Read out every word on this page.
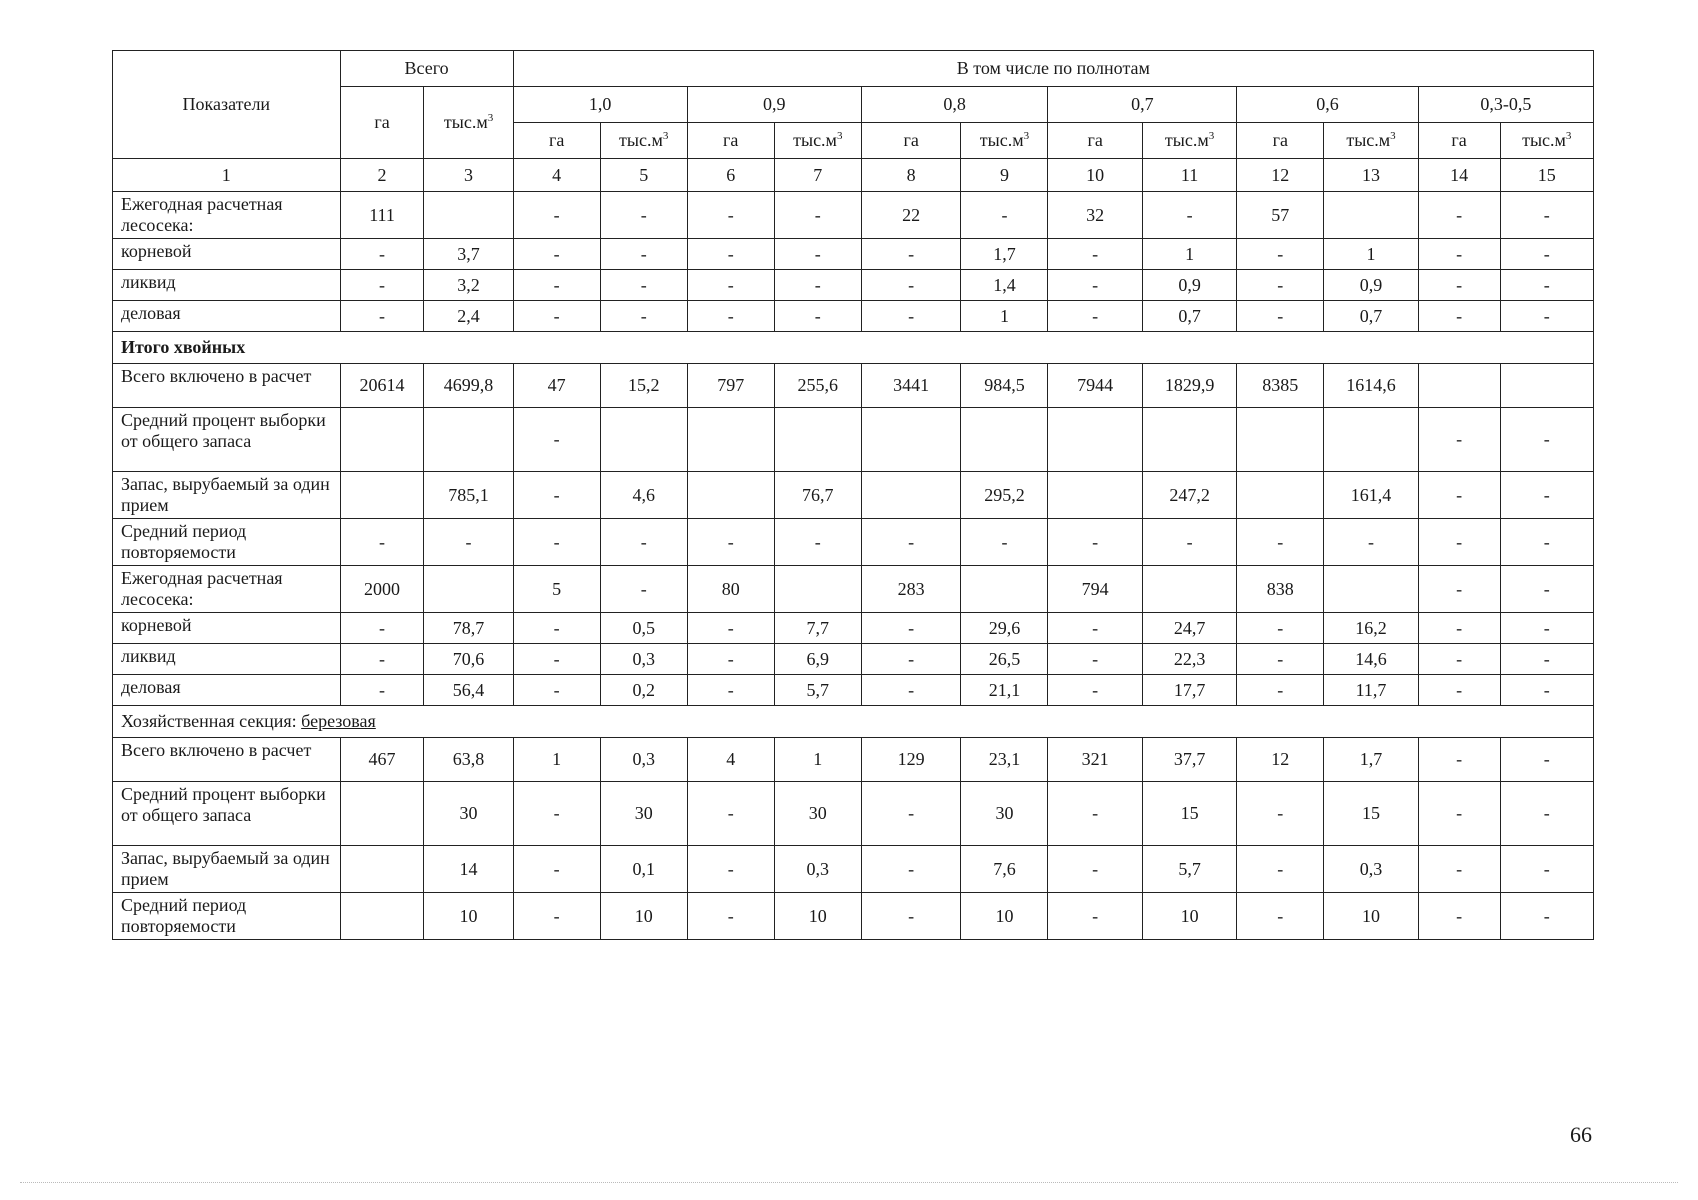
Показатели	Всего		В том числе по полнотам											
	га	$тыс.м^3$	1,0		0,9		0,8		0,7		0,6		0,3-0,5	
			га	$тыс.м^3$	га	$тыс.м^3$	га	$тыс.м^3$	га	$тыс.м^3$	га	$тыс.м^3$	га	$тыс.м^3$
1	2	3	4	5	6	7	8	9	10	11	12	13	14	15
Ежегодная расчетная лесосека:	111		-	-	-	-	22	-	32	-	57		-	-
корневой	-	3,7	-	-	-	-	-	1,7	-	1	-	1	-	-
ликвид	-	3,2	-	-	-	-	-	1,4	-	0,9	-	0,9	-	-
деловая	-	2,4	-	-	-	-	-	1	-	0,7	-	0,7	-	-
Итого хвойных														
Всего включено в расчет	20614	4699,8	47	15,2	797	255,6	3441	984,5	7944	1829,9	8385	1614,6		
Средний процент выборки от общего запаса			-										-	-
Запас, вырубаемый за один прием		785,1	-	4,6		76,7		295,2		247,2		161,4	-	-
Средний период повторяемости	-	-	-	-	-	-	-	-	-	-	-	-	-	-
Ежегодная расчетная лесосека:	2000		5	-	80		283		794		838		-	-
корневой	-	78,7	-	0,5	-	7,7	-	29,6	-	24,7	-	16,2	-	-
ликвид	-	70,6	-	0,3	-	6,9	-	26,5	-	22,3	-	14,6	-	-
деловая	-	56,4	-	0,2	-	5,7	-	21,1	-	17,7	-	11,7	-	-
Хозяйственная секция: березовая														
Всего включено в расчет	467	63,8	1	0,3	4	1	129	23,1	321	37,7	12	1,7	-	-
Средний процент выборки от общего запаса		30	-	30	-	30	-	30	-	15	-	15	-	-
Запас, вырубаемый за один прием		14	-	0,1	-	0,3	-	7,6	-	5,7	-	0,3	-	-
Средний период повторяемости		10	-	10	-	10	-	10	-	10	-	10	-	-
66
